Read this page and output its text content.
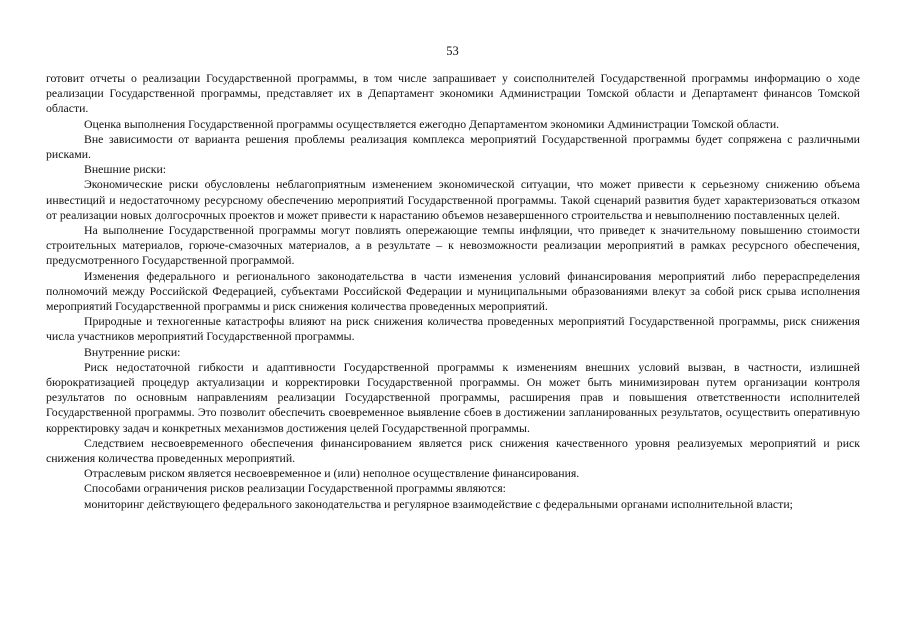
53

готовит отчеты о реализации Государственной программы, в том числе запрашивает у соисполнителей Государственной программы информацию о ходе реализации Государственной программы, представляет их в Департамент экономики Администрации Томской области и Департамент финансов Томской области.

Оценка выполнения Государственной программы осуществляется ежегодно Департаментом экономики Администрации Томской области.

Вне зависимости от варианта решения проблемы реализация комплекса мероприятий Государственной программы будет сопряжена с различными рисками.

Внешние риски:

Экономические риски обусловлены неблагоприятным изменением экономической ситуации, что может привести к серьезному снижению объема инвестиций и недостаточному ресурсному обеспечению мероприятий Государственной программы. Такой сценарий развития будет характеризоваться отказом от реализации новых долгосрочных проектов и может привести к нарастанию объемов незавершенного строительства и невыполнению поставленных целей.

На выполнение Государственной программы могут повлиять опережающие темпы инфляции, что приведет к значительному повышению стоимости строительных материалов, горюче-смазочных материалов, а в результате – к невозможности реализации мероприятий в рамках ресурсного обеспечения, предусмотренного Государственной программой.

Изменения федерального и регионального законодательства в части изменения условий финансирования мероприятий либо перераспределения полномочий между Российской Федерацией, субъектами Российской Федерации и муниципальными образованиями влекут за собой риск срыва исполнения мероприятий Государственной программы и риск снижения количества проведенных мероприятий.

Природные и техногенные катастрофы влияют на риск снижения количества проведенных мероприятий Государственной программы, риск снижения числа участников мероприятий Государственной программы.

Внутренние риски:

Риск недостаточной гибкости и адаптивности Государственной программы к изменениям внешних условий вызван, в частности, излишней бюрократизацией процедур актуализации и корректировки Государственной программы. Он может быть минимизирован путем организации контроля результатов по основным направлениям реализации Государственной программы, расширения прав и повышения ответственности исполнителей Государственной программы. Это позволит обеспечить своевременное выявление сбоев в достижении запланированных результатов, осуществить оперативную корректировку задач и конкретных механизмов достижения целей Государственной программы.

Следствием несвоевременного обеспечения финансированием является риск снижения качественного уровня реализуемых мероприятий и риск снижения количества проведенных мероприятий.

Отраслевым риском является несвоевременное и (или) неполное осуществление финансирования.

Способами ограничения рисков реализации Государственной программы являются:

мониторинг действующего федерального законодательства и регулярное взаимодействие с федеральными органами исполнительной власти;
